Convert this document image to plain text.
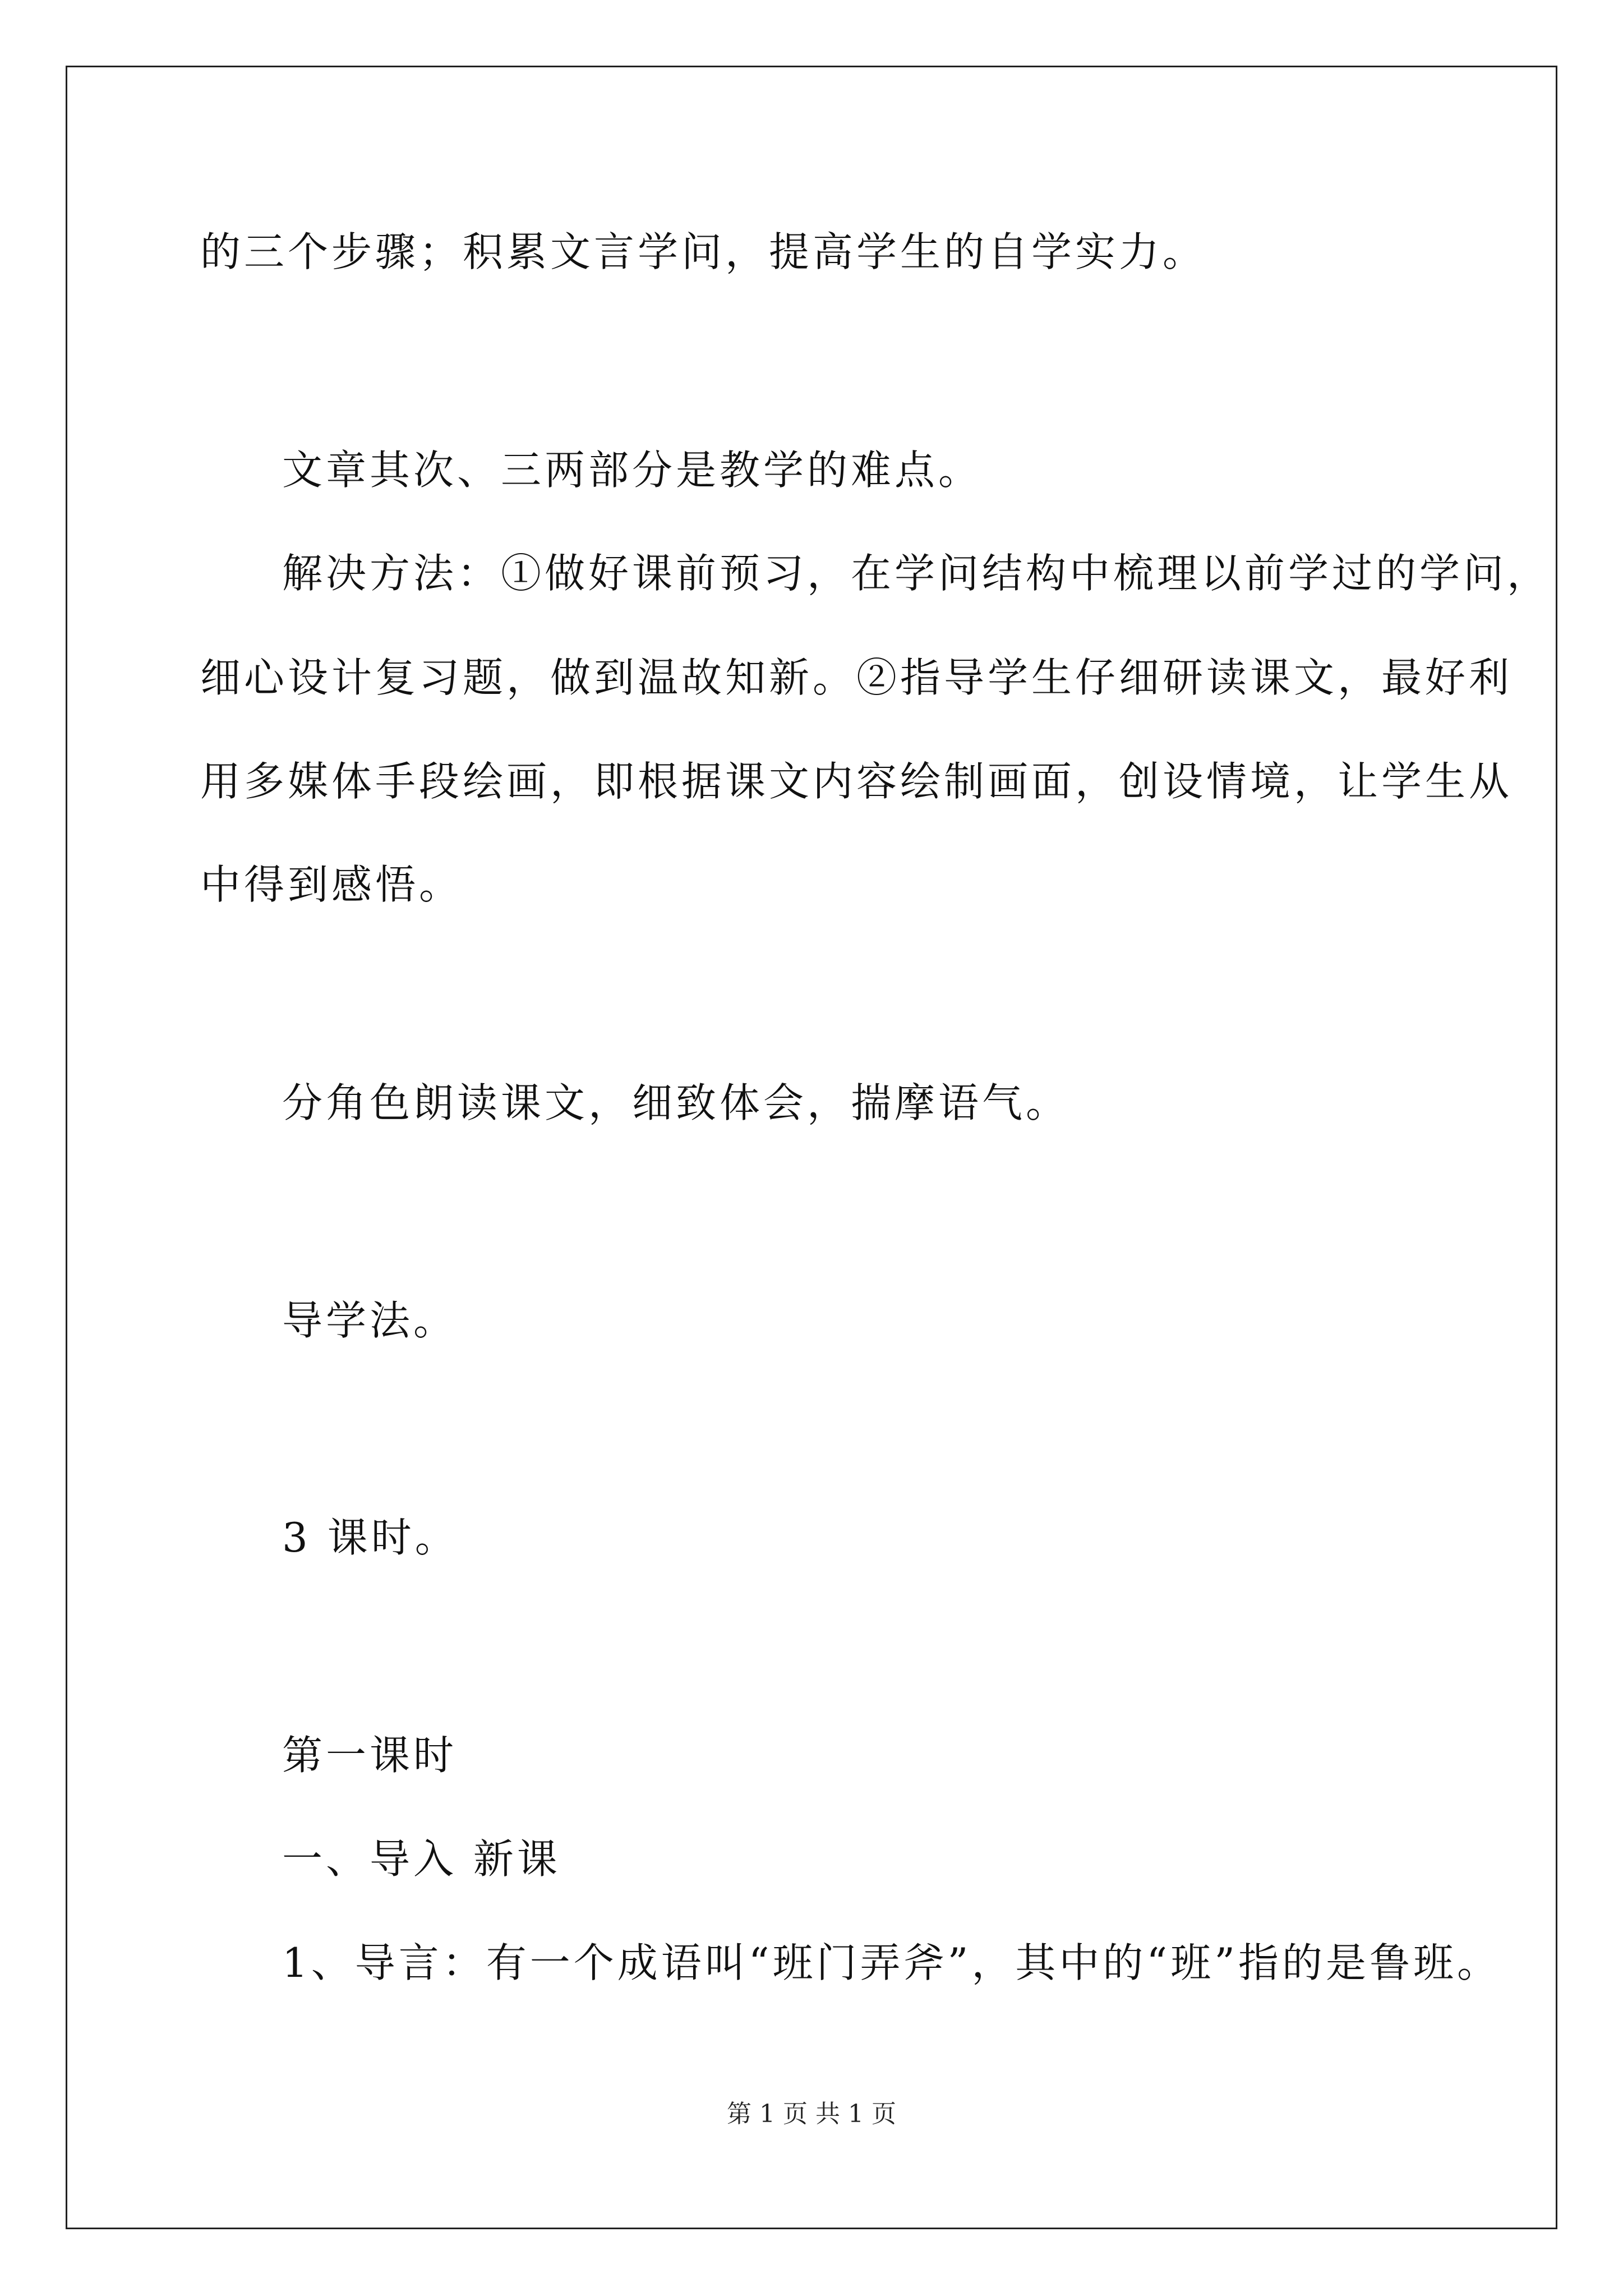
的三个步骤；积累文言学问，提高学生的自学实力。
文章其次、三两部分是教学的难点。
解决方法：①做好课前预习，在学问结构中梳理以前学过的学问，
细心设计复习题，做到温故知新。②指导学生仔细研读课文，最好利
用多媒体手段绘画，即根据课文内容绘制画面，创设情境，让学生从
中得到感悟。
分角色朗读课文，细致体会，揣摩语气。
导学法。
3 课时。
第一课时
一、导入 新课
1、导言：有一个成语叫“班门弄斧”，其中的“班”指的是鲁班。
第 1 页 共 1 页
